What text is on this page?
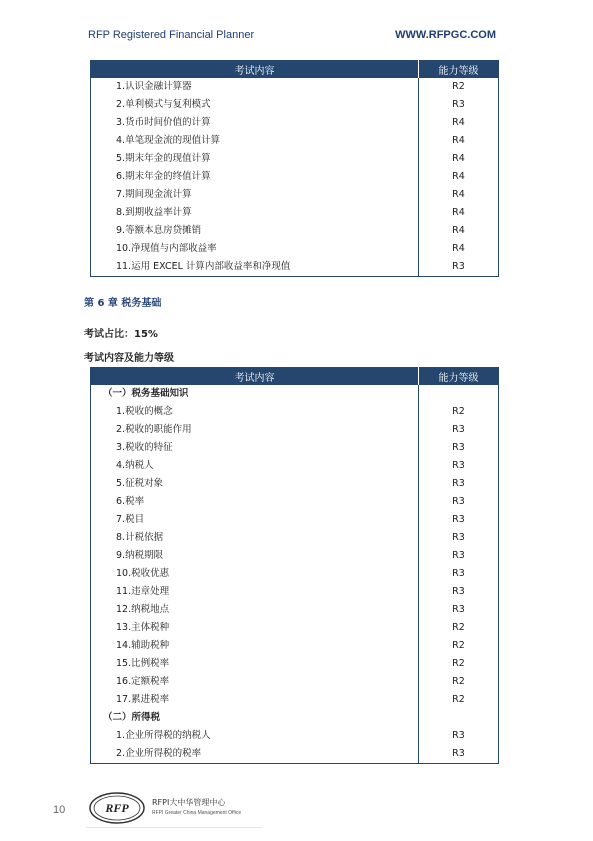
RFP Registered Financial Planner	WWW.RFPGC.COM
考试内容	能力等级
1.认识金融计算器	R2
2.单利模式与复利模式	R3
3.货币时间价值的计算	R4
4.单笔现金流的现值计算	R4
5.期末年金的现值计算	R4
6.期末年金的终值计算	R4
7.期间现金流计算	R4
8.到期收益率计算	R4
9.等额本息房贷摊销	R4
10.净现值与内部收益率	R4
11.运用 EXCEL 计算内部收益率和净现值	R3
第 6 章 税务基础
考试占比：15%
考试内容及能力等级
考试内容	能力等级
（一）税务基础知识	
1.税收的概念	R2
2.税收的职能作用	R3
3.税收的特征	R3
4.纳税人	R3
5.征税对象	R3
6.税率	R3
7.税目	R3
8.计税依据	R3
9.纳税期限	R3
10.税收优惠	R3
11.违章处理	R3
12.纳税地点	R3
13.主体税种	R2
14.辅助税种	R2
15.比例税率	R2
16.定额税率	R2
17.累进税率	R2
（二）所得税	
1.企业所得税的纳税人	R3
2.企业所得税的税率	R3
10	RFP	RFPI大中华管理中心
RFPI Greater China Management Office
